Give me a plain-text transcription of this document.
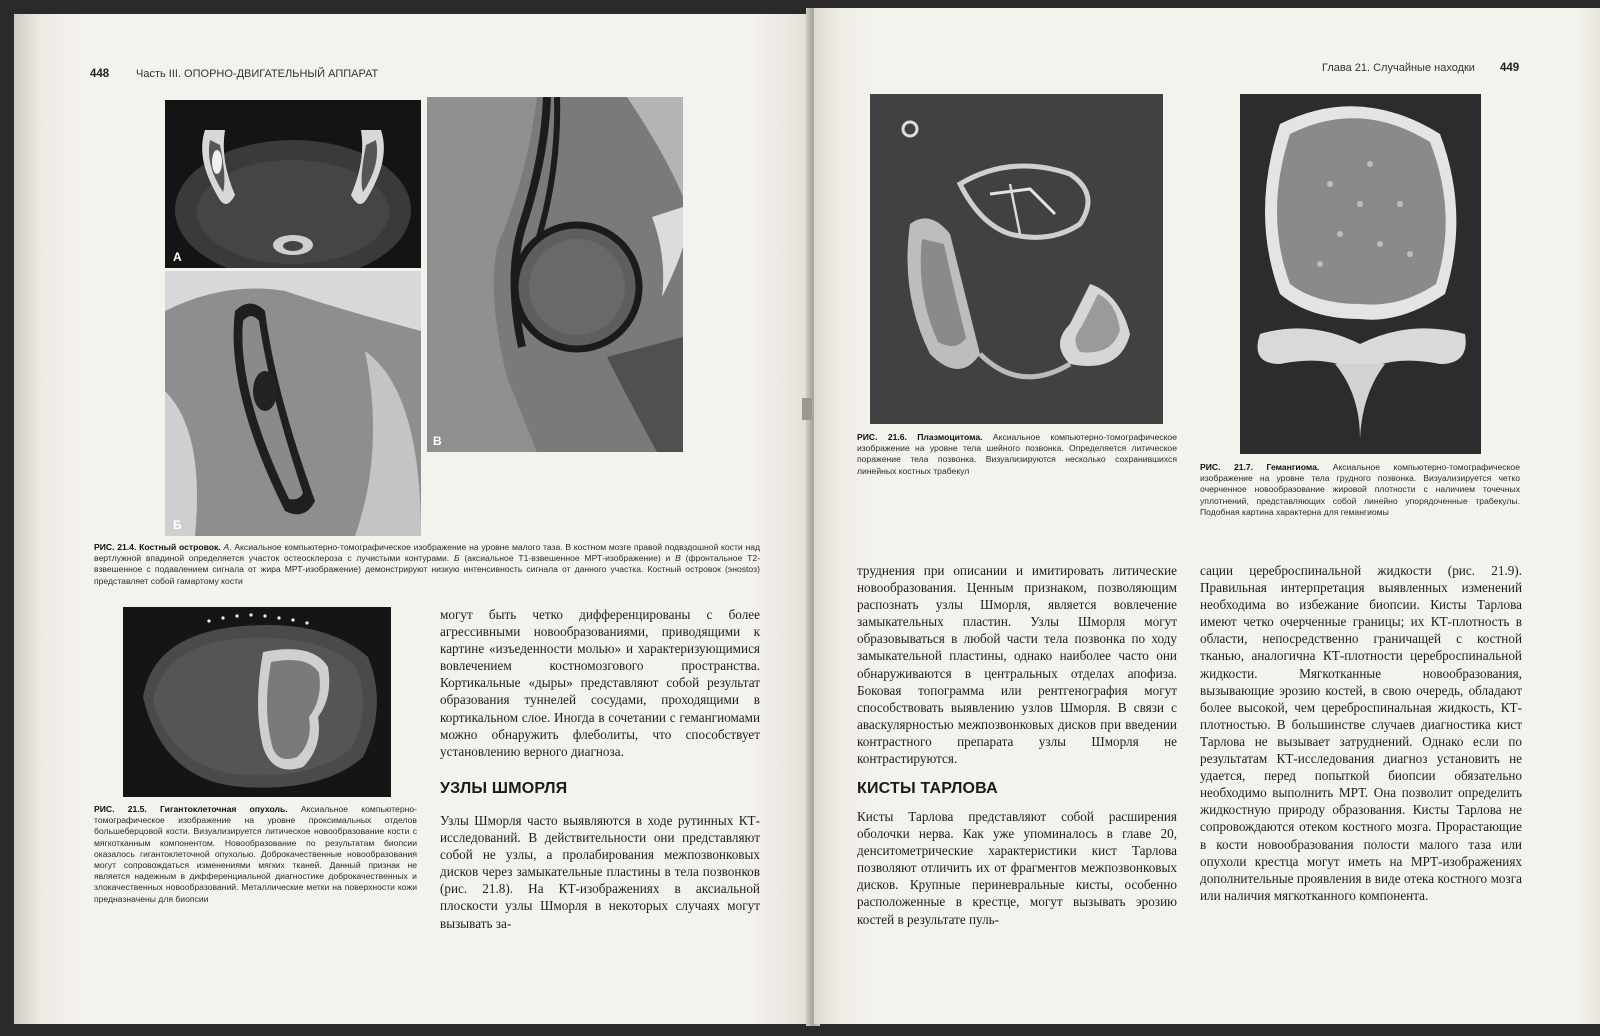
448 Часть III. ОПОРНО-ДВИГАТЕЛЬНЫЙ АППАРАТ
А
Б
В
РИС. 21.4. Костный островок. А. Аксиальное компьютерно-томографическое изображение на уровне малого таза. В костном мозге правой подвздошной кости над вертлужной впадиной определяется участок остеосклероза с лучистыми контурами. Б (аксиальное Т1-взвешенное МРТ-изображение) и В (фронтальное Т2-взвешенное с подавлением сигнала от жира МРТ-изображение) демонстрируют низкую интенсивность сигнала от данного участка. Костный островок (энostoз) представляет собой гамартому кости
РИС. 21.5. Гигантоклеточная опухоль. Аксиальное компьютерно-томографическое изображение на уровне проксимальных отделов большеберцовой кости. Визуализируется литическое новообразование кости с мягкотканным компонентом. Новообразование по результатам биопсии оказалось гигантоклеточной опухолью. Доброкачественные новообразования могут сопровождаться изменениями мягких тканей. Данный признак не является надежным в дифференциальной диагностике доброкачественных и злокачественных новообразований. Металлические метки на поверхности кожи предназначены для биопсии
могут быть четко дифференцированы с более агрессивными новообразованиями, приводящими к картине «изъеденности молью» и характеризующимися вовлечением костномозгового пространства. Кортикальные «дыры» представляют собой результат образования туннелей сосудами, проходящими в кортикальном слое. Иногда в сочетании с гемангиомами можно обнаружить флеболиты, что способствует установлению верного диагноза.
УЗЛЫ ШМОРЛЯ
Узлы Шморля часто выявляются в ходе рутинных КТ-исследований. В действительности они представляют собой не узлы, а пролабирования межпозвонковых дисков через замыкательные пластины в тела позвонков (рис. 21.8). На КТ-изображениях в аксиальной плоскости узлы Шморля в некоторых случаях могут вызывать за-
Глава 21. Случайные находки 449
РИС. 21.6. Плазмоцитома. Аксиальное компьютерно-томографическое изображение на уровне тела шейного позвонка. Определяется литическое поражение тела позвонка. Визуализируются несколько сохранившихся линейных костных трабекул	РИС. 21.7. Гемангиома. Аксиальное компьютерно-томографическое изображение на уровне тела грудного позвонка. Визуализируется четко очерченное новообразование жировой плотности с наличием точечных уплотнений, представляющих собой линейно упорядоченные трабекулы. Подобная картина характерна для гемангиомы
труднения при описании и имитировать литические новообразования. Ценным признаком, позволяющим распознать узлы Шморля, является вовлечение замыкательных пластин. Узлы Шморля могут образовываться в любой части тела позвонка по ходу замыкательной пластины, однако наиболее часто они обнаруживаются в центральных отделах апофиза. Боковая топограмма или рентгенография могут способствовать выявлению узлов Шморля. В связи с аваскулярностью межпозвонковых дисков при введении контрастного препарата узлы Шморля не контрастируются.
КИСТЫ ТАРЛОВА
Кисты Тарлова представляют собой расширения оболочки нерва. Как уже упоминалось в главе 20, денситометрические характеристики кист Тарлова позволяют отличить их от фрагментов межпозвонковых дисков. Крупные периневральные кисты, особенно расположенные в крестце, могут вызывать эрозию костей в результате пуль-
сации цереброспинальной жидкости (рис. 21.9). Правильная интерпретация выявленных изменений необходима во избежание биопсии. Кисты Тарлова имеют четко очерченные границы; их КТ-плотность в области, непосредственно граничащей с костной тканью, аналогична КТ-плотности цереброспинальной жидкости. Мягкотканные новообразования, вызывающие эрозию костей, в свою очередь, обладают более высокой, чем цереброспинальная жидкость, КТ-плотностью. В большинстве случаев диагностика кист Тарлова не вызывает затруднений. Однако если по результатам КТ-исследования диагноз установить не удается, перед попыткой биопсии обязательно необходимо выполнить МРТ. Она позволит определить жидкостную природу образования. Кисты Тарлова не сопровождаются отеком костного мозга. Прорастающие в кости новообразования полости малого таза или опухоли крестца могут иметь на МРТ-изображениях дополнительные проявления в виде отека костного мозга или наличия мягкотканного компонента.
